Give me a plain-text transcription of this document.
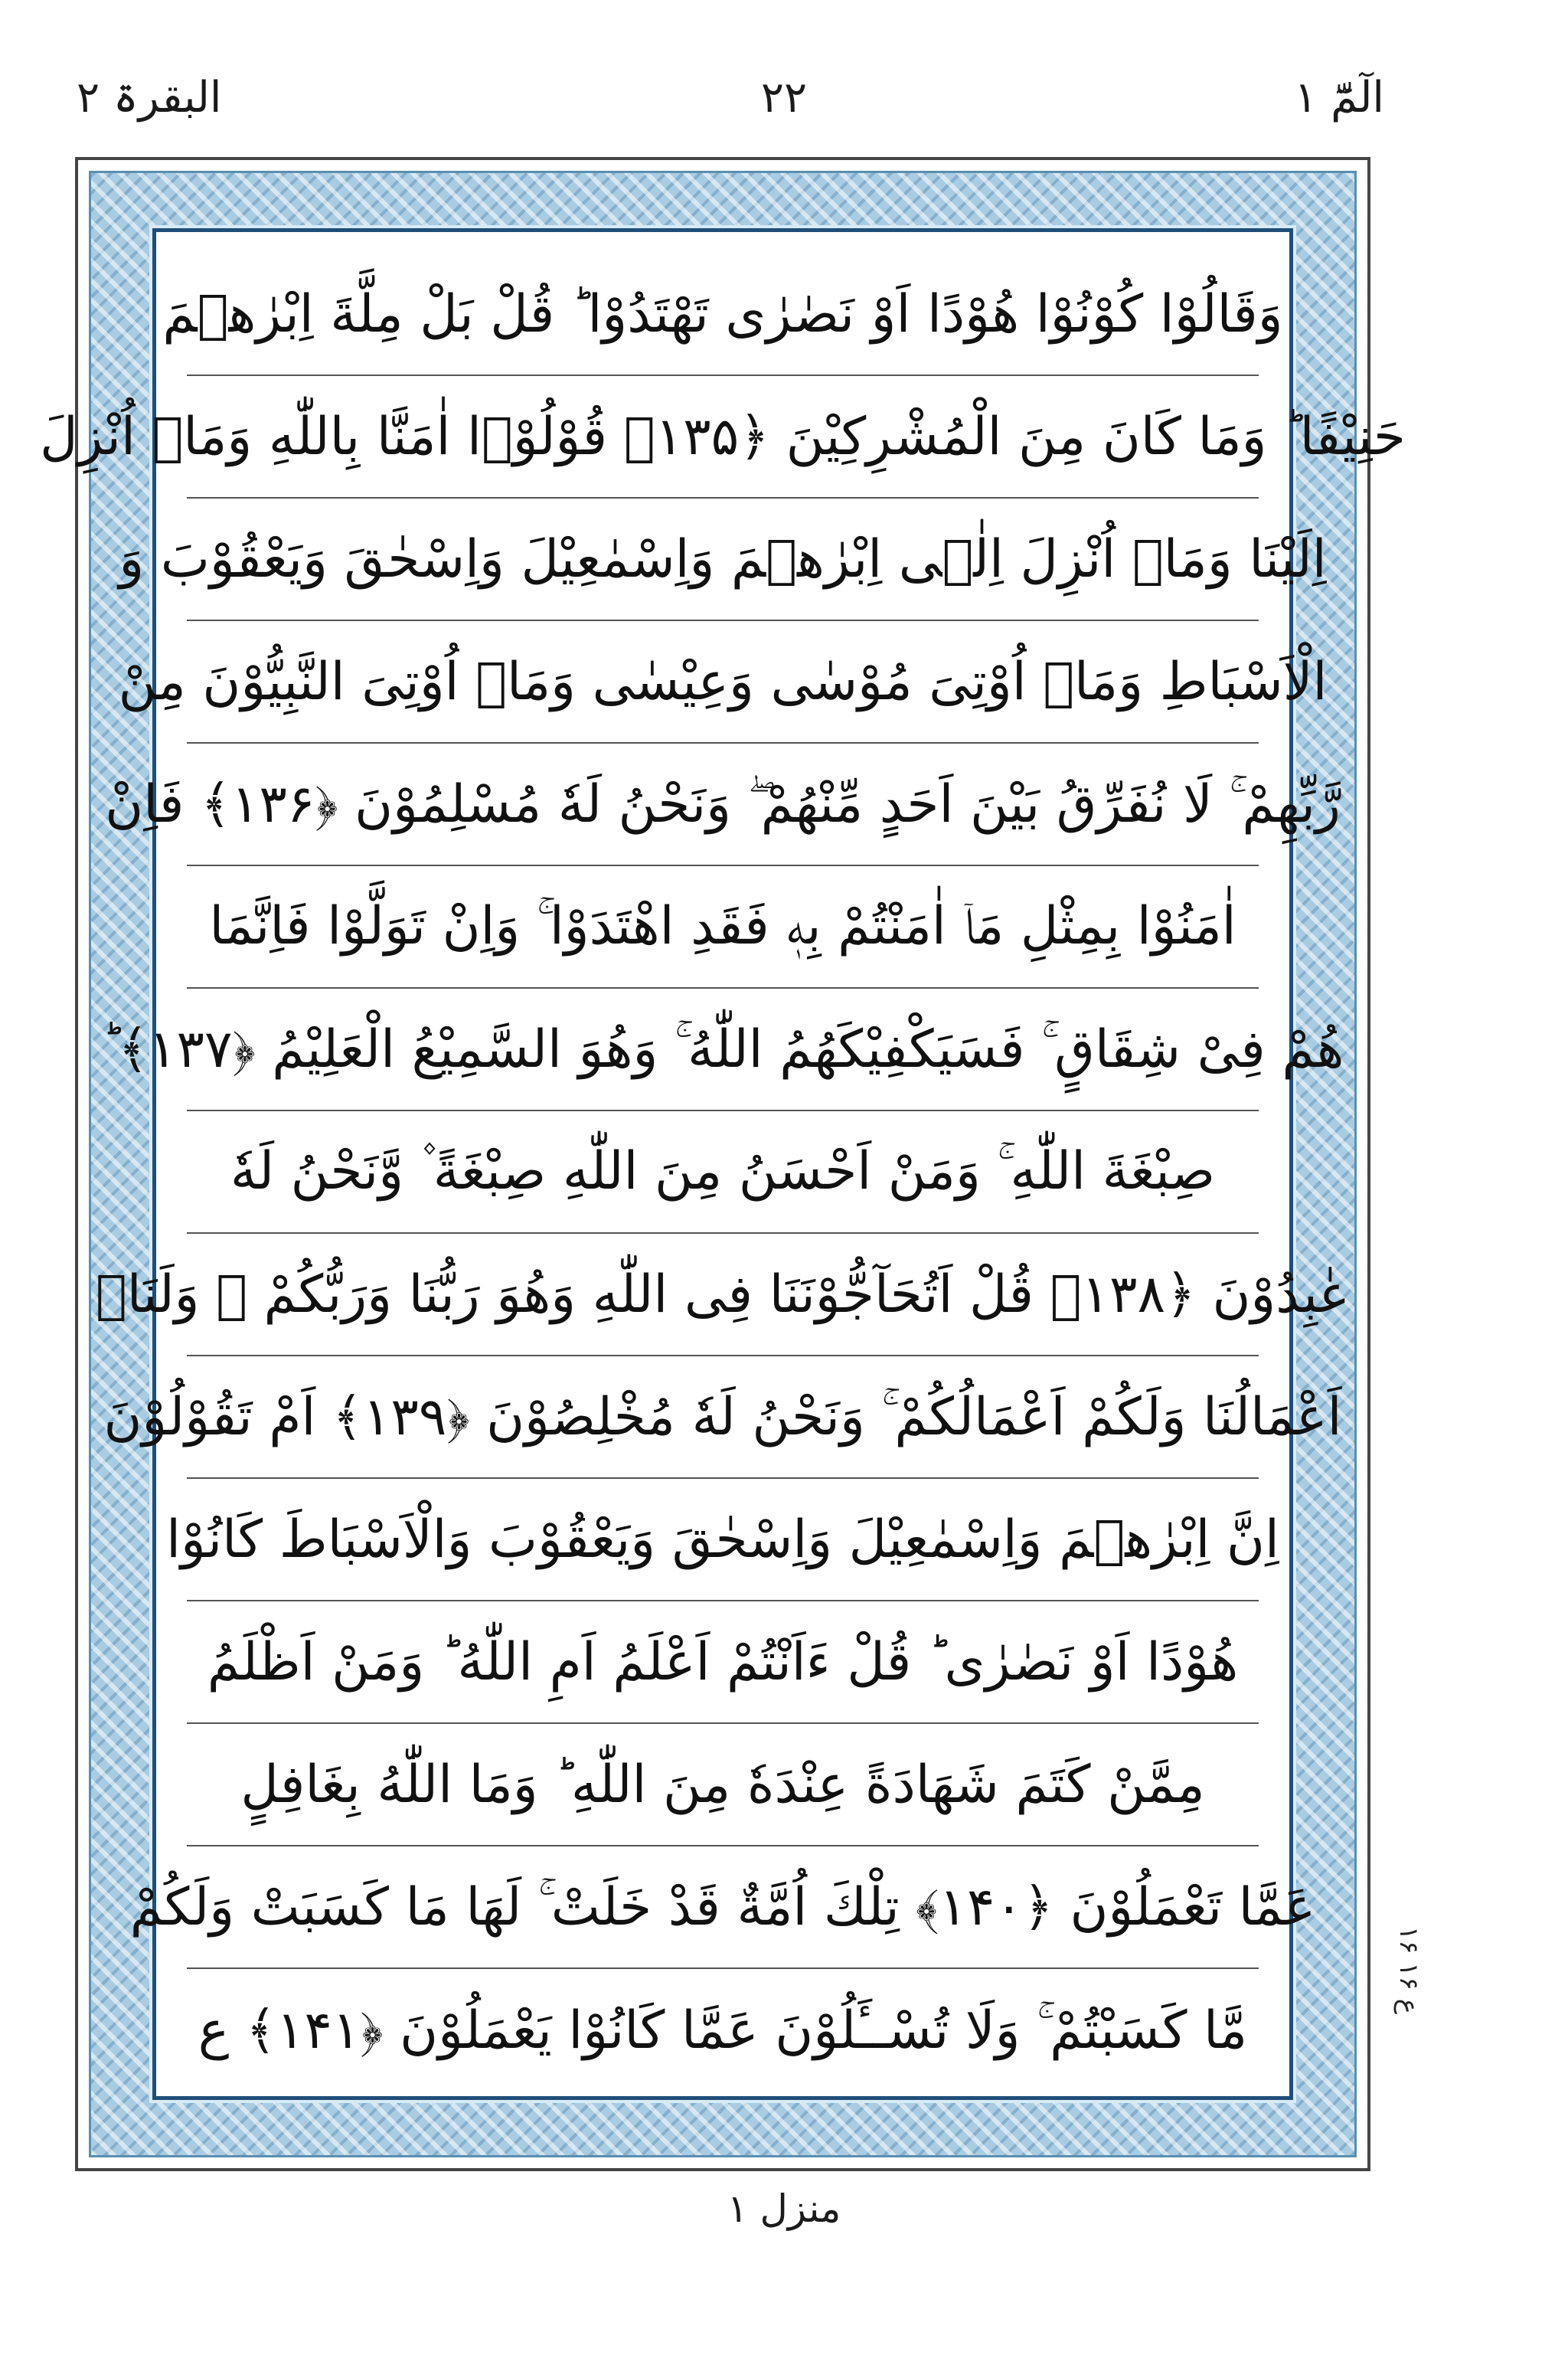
الٓمّٓ ۱
۲۲
البقرۃ ۲
وَقَالُوْا كُوْنُوْا هُوْدًا اَوْ نَصٰرٰى تَهْتَدُوْا ؕ قُلْ بَلْ مِلَّةَ اِبْرٰهٖمَ
حَنِيْفًا ؕ وَمَا كَانَ مِنَ الْمُشْرِكِيْنَ ﴿۱۳۵﴾ قُوْلُوْۤا اٰمَنَّا بِاللّٰهِ وَمَاۤ اُنْزِلَ
اِلَيْنَا وَمَاۤ اُنْزِلَ اِلٰۤى اِبْرٰهٖمَ وَاِسْمٰعِيْلَ وَاِسْحٰقَ وَيَعْقُوْبَ وَ
الْاَسْبَاطِ وَمَاۤ اُوْتِىَ مُوْسٰى وَعِيْسٰى وَمَاۤ اُوْتِىَ النَّبِيُّوْنَ مِنْ
رَّبِّهِمْ ۚ لَا نُفَرِّقُ بَيْنَ اَحَدٍ مِّنْهُمْ ۖ وَنَحْنُ لَهٗ مُسْلِمُوْنَ ﴿۱۳۶﴾ فَاِنْ
اٰمَنُوْا بِمِثْلِ مَاۤ اٰمَنْتُمْ بِهٖ فَقَدِ اهْتَدَوْا ۚ وَاِنْ تَوَلَّوْا فَاِنَّمَا
هُمْ فِىْ شِقَاقٍ ۚ فَسَيَكْفِيْكَهُمُ اللّٰهُ ۚ وَهُوَ السَّمِيْعُ الْعَلِيْمُ ﴿۱۳۷﴾ ؕ
صِبْغَةَ اللّٰهِ ۚ وَمَنْ اَحْسَنُ مِنَ اللّٰهِ صِبْغَةً ۫ وَّنَحْنُ لَهٗ
عٰبِدُوْنَ ﴿۱۳۸﴾ قُلْ اَتُحَآجُّوْنَنَا فِى اللّٰهِ وَهُوَ رَبُّنَا وَرَبُّكُمْ ۚ وَلَنَاۤ
اَعْمَالُنَا وَلَكُمْ اَعْمَالُكُمْ ۚ وَنَحْنُ لَهٗ مُخْلِصُوْنَ ﴿۱۳۹﴾ اَمْ تَقُوْلُوْنَ
اِنَّ اِبْرٰهٖمَ وَاِسْمٰعِيْلَ وَاِسْحٰقَ وَيَعْقُوْبَ وَالْاَسْبَاطَ كَانُوْا
هُوْدًا اَوْ نَصٰرٰى ؕ قُلْ ءَاَنْتُمْ اَعْلَمُ اَمِ اللّٰهُ ؕ وَمَنْ اَظْلَمُ
مِمَّنْ كَتَمَ شَهَادَةً عِنْدَهٗ مِنَ اللّٰهِ ؕ وَمَا اللّٰهُ بِغَافِلٍ
عَمَّا تَعْمَلُوْنَ ﴿۱۴۰﴾ تِلْكَ اُمَّةٌ قَدْ خَلَتْ ۚ لَهَا مَا كَسَبَتْ وَلَكُمْ
مَّا كَسَبْتُمْ ۚ وَلَا تُسْــَٔلُوْنَ عَمَّا كَانُوْا يَعْمَلُوْنَ ﴿۱۴۱﴾ ع
۱۶ ع ۱۶
منزل ۱
